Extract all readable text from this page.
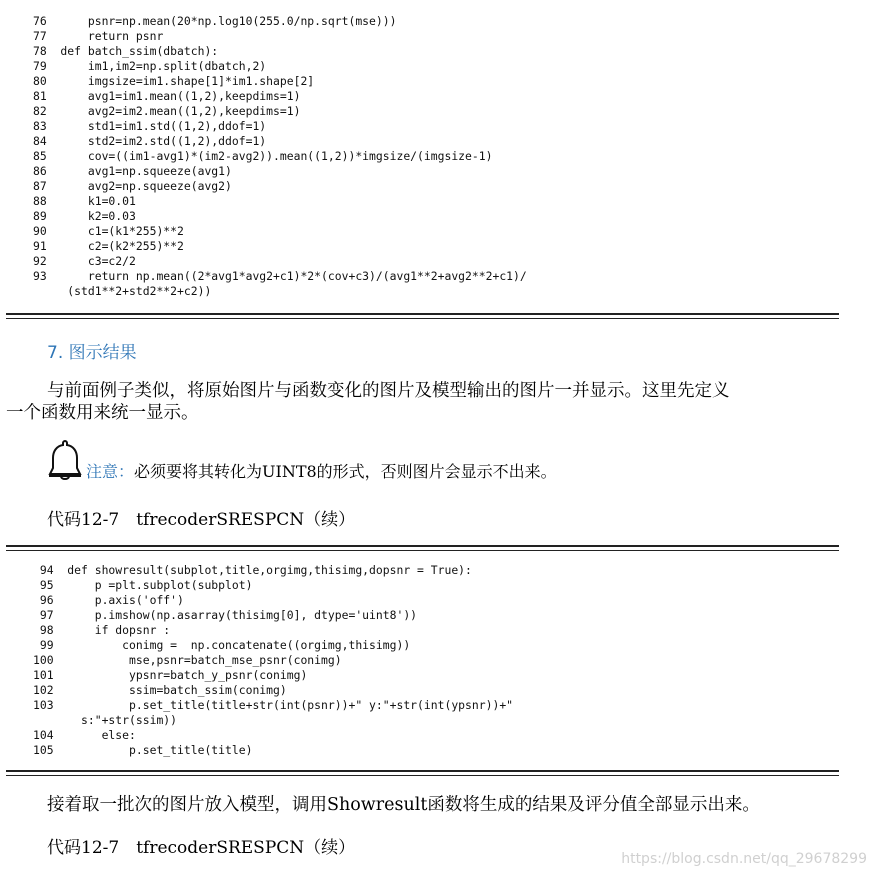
76      psnr=np.mean(20*np.log10(255.0/np.sqrt(mse)))
77      return psnr
78  def batch_ssim(dbatch):
79      im1,im2=np.split(dbatch,2)
80      imgsize=im1.shape[1]*im1.shape[2]
81      avg1=im1.mean((1,2),keepdims=1)
82      avg2=im2.mean((1,2),keepdims=1)
83      std1=im1.std((1,2),ddof=1)
84      std2=im2.std((1,2),ddof=1)
85      cov=((im1-avg1)*(im2-avg2)).mean((1,2))*imgsize/(imgsize-1)
86      avg1=np.squeeze(avg1)
87      avg2=np.squeeze(avg2)
88      k1=0.01
89      k2=0.03
90      c1=(k1*255)**2
91      c2=(k2*255)**2
92      c3=c2/2
93      return np.mean((2*avg1*avg2+c1)*2*(cov+c3)/(avg1**2+avg2**2+c1)/
(std1**2+std2**2+c2))
7. 图示结果
与前面例子类似，将原始图片与函数变化的图片及模型输出的图片一并显示。这里先定义
一个函数用来统一显示。
注意： 必须要将其转化为UINT8的形式，否则图片会显示不出来。
代码12-7　tfrecoderSRESPCN（续）
94  def showresult(subplot,title,orgimg,thisimg,dopsnr = True):
95      p =plt.subplot(subplot)
96      p.axis('off')
97      p.imshow(np.asarray(thisimg[0], dtype='uint8'))
98      if dopsnr :
99          conimg =  np.concatenate((orgimg,thisimg))
100           mse,psnr=batch_mse_psnr(conimg)
101           ypsnr=batch_y_psnr(conimg)
102           ssim=batch_ssim(conimg)
103           p.set_title(title+str(int(psnr))+" y:"+str(int(ypsnr))+"
s:"+str(ssim))
104       else:
105           p.set_title(title)
接着取一批次的图片放入模型，调用Showresult函数将生成的结果及评分值全部显示出来。
代码12-7　tfrecoderSRESPCN（续）
https://blog.csdn.net/qq_29678299
